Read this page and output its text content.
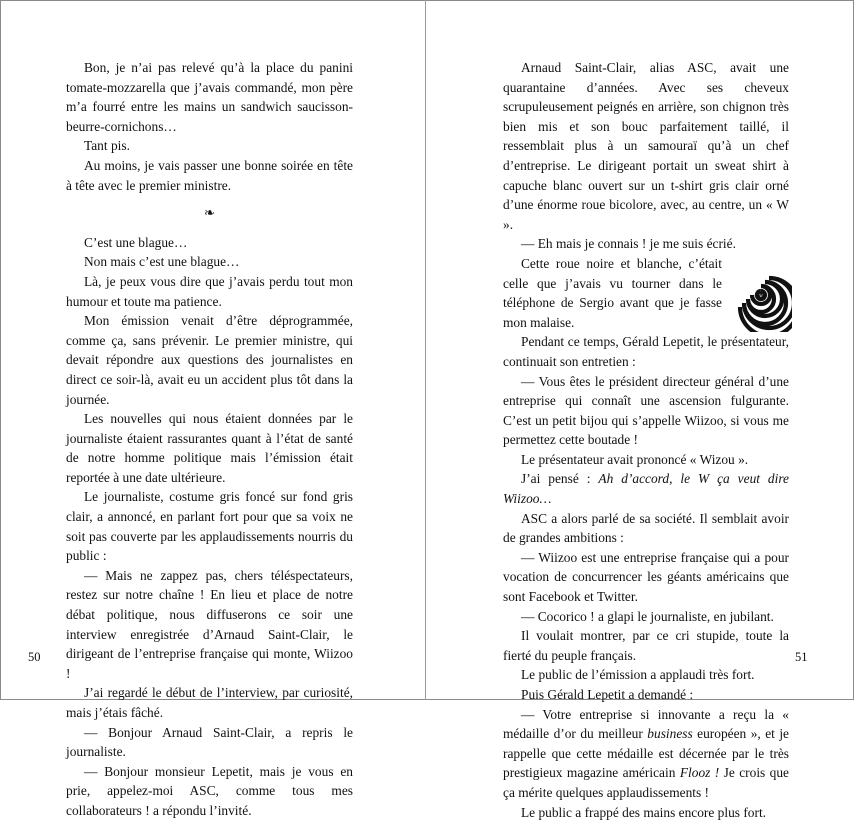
Bon, je n’ai pas relevé qu’à la place du panini tomate-mozzarella que j’avais commandé, mon père m’a fourré entre les mains un sandwich saucisson-beurre-cornichons…

Tant pis.

Au moins, je vais passer une bonne soirée en tête à tête avec le premier ministre.

❧

C’est une blague…

Non mais c’est une blague…

Là, je peux vous dire que j’avais perdu tout mon humour et toute ma patience.

Mon émission venait d’être déprogrammée, comme ça, sans prévenir. Le premier ministre, qui devait répondre aux questions des journalistes en direct ce soir-là, avait eu un accident plus tôt dans la journée.

Les nouvelles qui nous étaient données par le journaliste étaient rassurantes quant à l’état de santé de notre homme politique mais l’émission était reportée à une date ultérieure.

Le journaliste, costume gris foncé sur fond gris clair, a annoncé, en parlant fort pour que sa voix ne soit pas couverte par les applaudissements nourris du public :

— Mais ne zappez pas, chers téléspectateurs, restez sur notre chaîne ! En lieu et place de notre débat politique, nous diffuserons ce soir une interview enregistrée d’Arnaud Saint-Clair, le dirigeant de l’entreprise française qui monte, Wiizoo !

J’ai regardé le début de l’interview, par curiosité, mais j’étais fâché.

— Bonjour Arnaud Saint-Clair, a repris le journaliste.

— Bonjour monsieur Lepetit, mais je vous en prie, appelez-moi ASC, comme tous mes collaborateurs ! a répondu l’invité.

Arnaud Saint-Clair, alias ASC, avait une quarantaine d’années. Avec ses cheveux scrupuleusement peignés en arrière, son chignon très bien mis et son bouc parfaitement taillé, il ressemblait plus à un samouraï qu’à un chef d’entreprise. Le dirigeant portait un sweat shirt à capuche blanc ouvert sur un t-shirt gris clair orné d’une énorme roue bicolore, avec, au centre, un « W ».

— Eh mais je connais ! je me suis écrié.

W

Cette roue noire et blanche, c’était celle que j’avais vu tourner dans le téléphone de Sergio avant que je fasse mon malaise.

Pendant ce temps, Gérald Lepetit, le présentateur, continuait son entretien :

— Vous êtes le président directeur général d’une entreprise qui connaît une ascension fulgurante. C’est un petit bijou qui s’appelle Wiizoo, si vous me permettez cette boutade !

Le présentateur avait prononcé « Wizou ».

J’ai pensé : Ah d’accord, le W ça veut dire Wiizoo…

ASC a alors parlé de sa société. Il semblait avoir de grandes ambitions :

— Wiizoo est une entreprise française qui a pour vocation de concurrencer les géants américains que sont Facebook et Twitter.

— Cocorico ! a glapi le journaliste, en jubilant.

Il voulait montrer, par ce cri stupide, toute la fierté du peuple français.

Le public de l’émission a applaudi très fort.

Puis Gérald Lepetit a demandé :

— Votre entreprise si innovante a reçu la « médaille d’or du meilleur business européen », et je rappelle que cette médaille est décernée par le très prestigieux magazine américain Flooz ! Je crois que ça mérite quelques applaudissements !

Le public a frappé des mains encore plus fort.

50	51
